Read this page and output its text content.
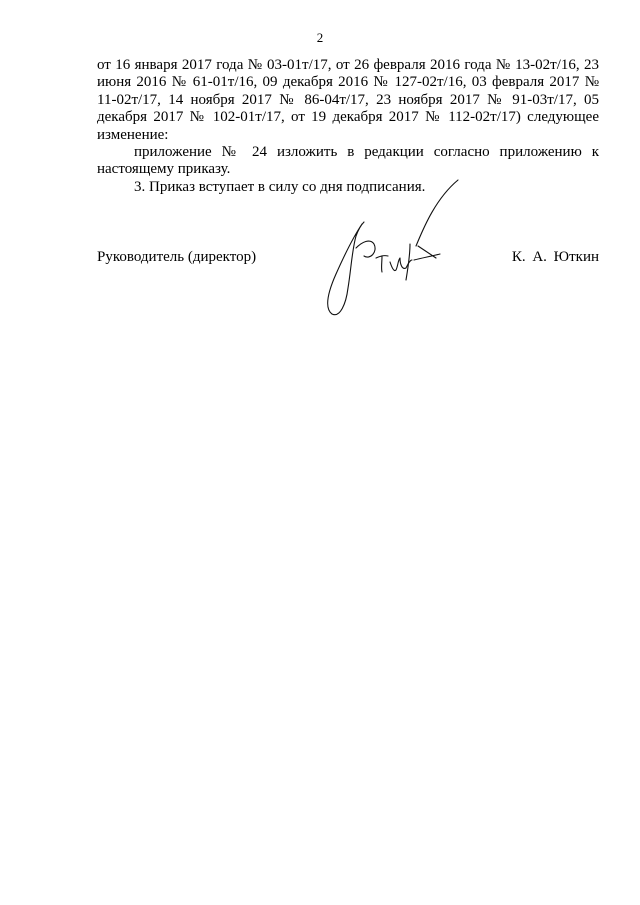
2

от 16 января 2017 года № 03-01т/17, от 26 февраля 2016 года № 13-02т/16, 23 июня 2016 № 61-01т/16, 09 декабря 2016 № 127-02т/16, 03 февраля 2017 № 11-02т/17, 14 ноября 2017 № 86-04т/17, 23 ноября 2017 № 91-03т/17, 05 декабря 2017 № 102-01т/17, от 19 декабря 2017 № 112-02т/17) следующее изменение:

приложение № 24 изложить в редакции согласно приложению к настоящему приказу.

3. Приказ вступает в силу со дня подписания.

Руководитель (директор)	К. А. Юткин
